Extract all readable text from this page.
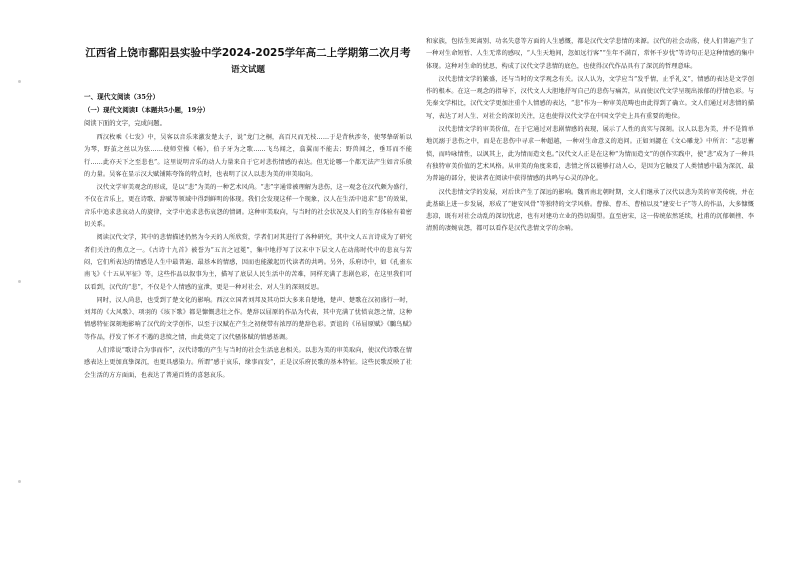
江西省上饶市鄱阳县实验中学2024-2025学年高二上学期第二次月考
语文试题
一、现代文阅读（35分）
（一）现代文阅读Ⅰ（本题共5小题，19分）
阅读下面的文字，完成问题。

西汉枚乘《七发》中，吴客以音乐来激发楚太子，说“龙门之桐，高百尺而无枝……于是背秋涉冬，使琴挚斫斩以为琴，野茧之丝以为弦……使师堂操《畅》，伯子牙为之歌……飞鸟闻之，翕翼而不能去；野兽闻之，垂耳而不能行……此亦天下之至悲也”。这里说明音乐的动人力量来自于它对悲伤情感的表达。但无论哪一个都无法产生如音乐般的力量。吴客在显示汉大赋铺陈夸饰的特点时，也表明了汉人以悲为美的审美取向。

汉代文学审美观念的形成，是以“悲”为美的一种艺术风尚。“悲”字通常被理解为悲伤，这一观念在汉代颇为盛行，不仅在音乐上，更在诗歌、辞赋等领域中得到鲜明的体现。我们会发现这样一个现象，汉人在生活中追求“悲”的效果，音乐中追求悲哀动人的旋律，文学中追求悲伤哀怨的情调。这种审美取向，与当时的社会状况及人们的生存体验有着密切关系。

阅读汉代文学，其中的悲情描述仍然为今天的人所欣赏，学者们对其进行了各种研究，其中文人五言诗成为了研究者们关注的焦点之一。《古诗十九首》被誉为“五言之冠冕”，集中地抒写了汉末中下层文人在动荡时代中的悲哀与苦闷，它们所表达的情感是人生中最普遍、最基本的情感，因而也能激起历代读者的共鸣。另外，乐府诗中，如《孔雀东南飞》《十五从军征》等，这些作品以叙事为主，描写了底层人民生活中的苦难，同样充满了悲剧色彩，在这里我们可以看到，汉代的“悲”，不仅是个人情感的宣泄，更是一种对社会、对人生的深刻反思。

同时，汉人尚悲，也受到了楚文化的影响。西汉立国者刘邦及其功臣大多来自楚地，楚声、楚歌在汉初盛行一时，刘邦的《大风歌》、项羽的《垓下歌》都是慷慨悲壮之作。楚辞以屈原的作品为代表，其中充满了忧愤哀怨之情，这种情感特征深刻地影响了汉代的文学创作，以至于汉赋在产生之初便带有浓厚的楚辞色彩。贾谊的《吊屈原赋》《鵩鸟赋》等作品，抒发了怀才不遇的悲愤之情，由此奠定了汉代骚体赋的情感基调。

人们常说“歌诗合为事而作”，汉代诗歌的产生与当时的社会生活息息相关。以悲为美的审美取向，使汉代诗歌在情感表达上更加真挚深沉，也更具感染力。所谓“感于哀乐，缘事而发”，正是汉乐府民歌的基本特征。这些民歌反映了社会生活的方方面面，也表达了普通百姓的喜怒哀乐。

和家族，包括生死离别、功名失意等方面的人生感慨，都是汉代文学悲情的来源。汉代的社会动荡，使人们普遍产生了一种对生命短暂、人生无常的感叹，“人生天地间，忽如远行客”“生年不满百，常怀千岁忧”等诗句正是这种情感的集中体现。这种对生命的忧思，构成了汉代文学悲情的底色，也使得汉代作品具有了深沉的哲理意味。

汉代悲情文学的繁盛，还与当时的文学观念有关。汉人认为，文学应当“发乎情，止乎礼义”，情感的表达是文学创作的根本。在这一观念的指导下，汉代文人大胆地抒写自己的悲伤与痛苦，从而使汉代文学呈现出浓郁的抒情色彩。与先秦文学相比，汉代文学更加注重个人情感的表达，“悲”作为一种审美范畴也由此得到了确立。文人们通过对悲情的描写，表达了对人生、对社会的深切关注，这也使得汉代文学在中国文学史上具有重要的地位。

汉代悲情文学的审美价值，在于它通过对悲剧情感的表现，展示了人性的真实与深刻。汉人以悲为美，并不是简单地沉溺于悲伤之中，而是在悲伤中寻求一种超越，一种对生命意义的追问。正如刘勰在《文心雕龙》中所言：“志思蓄愤，而吟咏情性，以讽其上，此为情而造文也。”汉代文人正是在这种“为情而造文”的创作实践中，使“悲”成为了一种具有独特审美价值的艺术风格。从审美的角度来看，悲情之所以能够打动人心，是因为它触及了人类情感中最为深沉、最为普遍的部分，使读者在阅读中获得情感的共鸣与心灵的净化。

汉代悲情文学的发展，对后世产生了深远的影响。魏晋南北朝时期，文人们继承了汉代以悲为美的审美传统，并在此基础上进一步发展，形成了“建安风骨”等独特的文学风格。曹操、曹丕、曹植以及“建安七子”等人的作品，大多慷慨悲凉，既有对社会动乱的深切忧虑，也有对建功立业的热切渴望。直至唐宋，这一传统依然延续，杜甫的沉郁顿挫、李清照的凄婉哀怨，都可以看作是汉代悲情文学的余响。
